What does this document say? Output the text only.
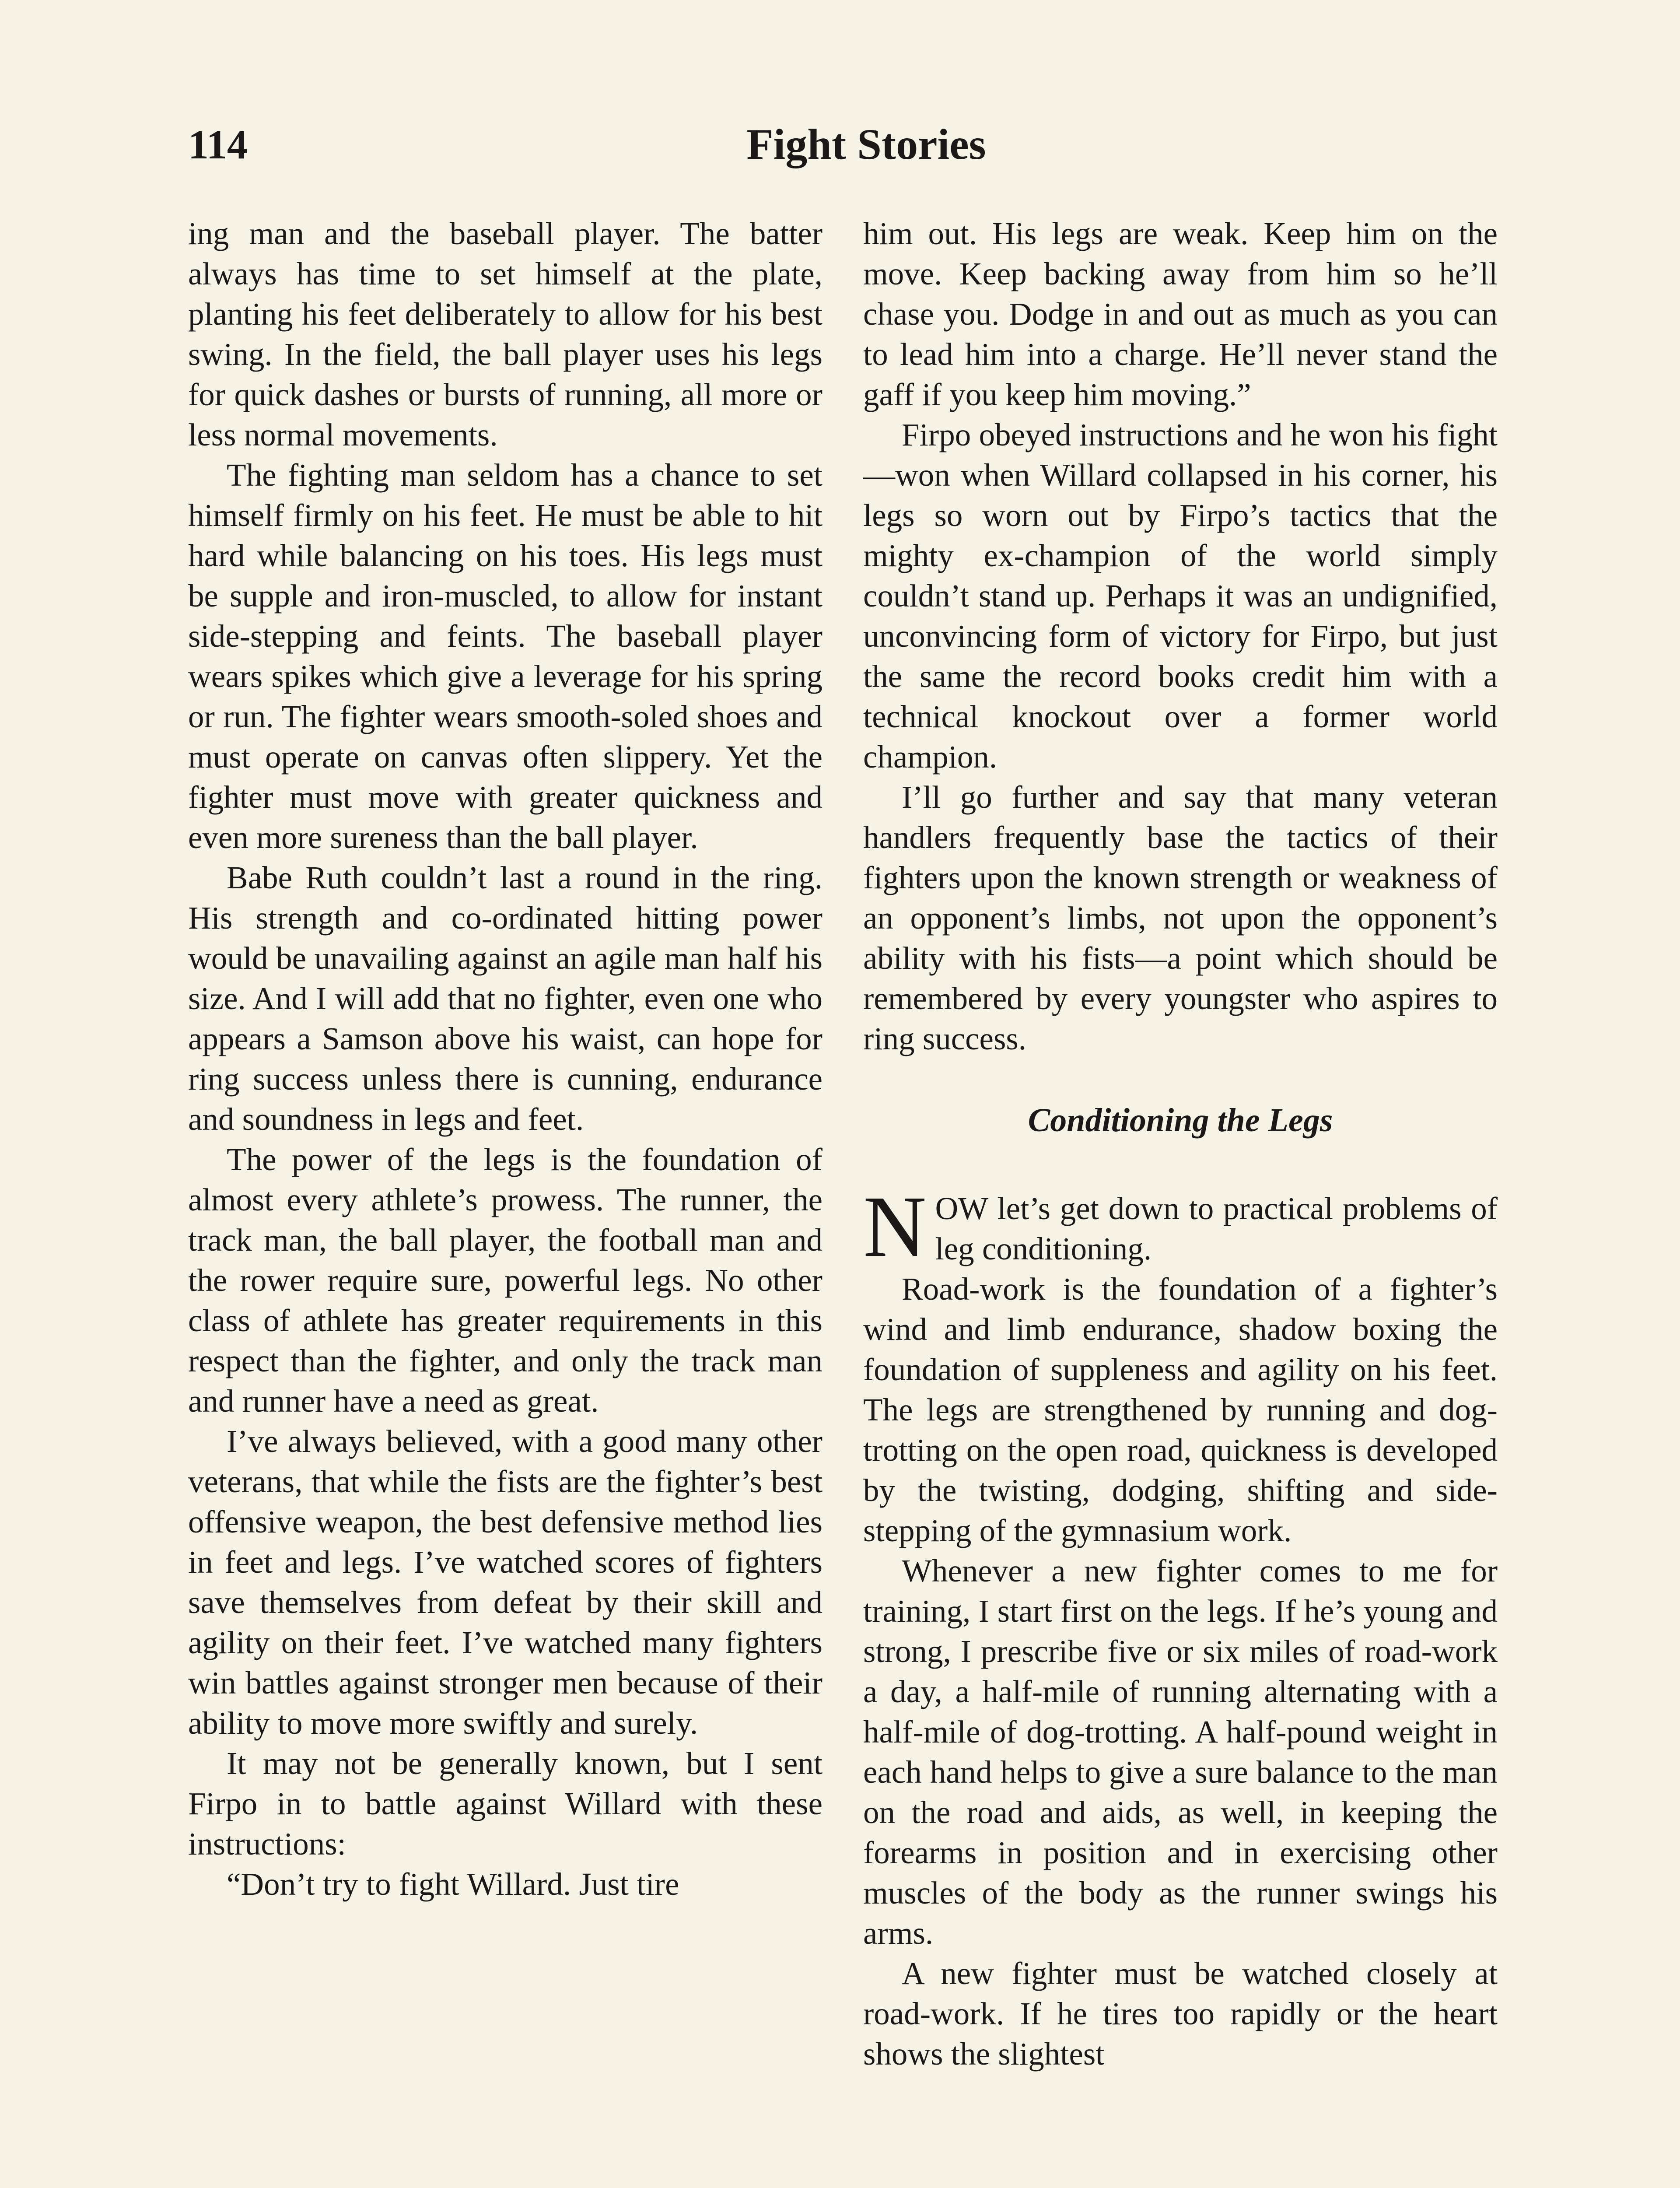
114	Fight Stories

ing man and the baseball player. The batter always has time to set himself at the plate, planting his feet deliberately to allow for his best swing. In the field, the ball player uses his legs for quick dashes or bursts of running, all more or less normal movements.

The fighting man seldom has a chance to set himself firmly on his feet. He must be able to hit hard while balancing on his toes. His legs must be supple and iron-muscled, to allow for instant side-stepping and feints. The baseball player wears spikes which give a leverage for his spring or run. The fighter wears smooth-soled shoes and must operate on canvas often slippery. Yet the fighter must move with greater quickness and even more sureness than the ball player.

Babe Ruth couldn’t last a round in the ring. His strength and co-ordinated hitting power would be unavailing against an agile man half his size. And I will add that no fighter, even one who appears a Samson above his waist, can hope for ring success unless there is cunning, endurance and soundness in legs and feet.

The power of the legs is the foundation of almost every athlete’s prowess. The runner, the track man, the ball player, the football man and the rower require sure, powerful legs. No other class of athlete has greater requirements in this respect than the fighter, and only the track man and runner have a need as great.

I’ve always believed, with a good many other veterans, that while the fists are the fighter’s best offensive weapon, the best defensive method lies in feet and legs. I’ve watched scores of fighters save themselves from defeat by their skill and agility on their feet. I’ve watched many fighters win battles against stronger men because of their ability to move more swiftly and surely.

It may not be generally known, but I sent Firpo in to battle against Willard with these instructions:

“Don’t try to fight Willard. Just tire

him out. His legs are weak. Keep him on the move. Keep backing away from him so he’ll chase you. Dodge in and out as much as you can to lead him into a charge. He’ll never stand the gaff if you keep him moving.”

Firpo obeyed instructions and he won his fight—won when Willard collapsed in his corner, his legs so worn out by Firpo’s tactics that the mighty ex-champion of the world simply couldn’t stand up. Perhaps it was an undignified, unconvincing form of victory for Firpo, but just the same the record books credit him with a technical knockout over a former world champion.

I’ll go further and say that many veteran handlers frequently base the tactics of their fighters upon the known strength or weakness of an opponent’s limbs, not upon the opponent’s ability with his fists—a point which should be remembered by every youngster who aspires to ring success.

Conditioning the Legs

NOW let’s get down to practical problems of leg conditioning.

Road-work is the foundation of a fighter’s wind and limb endurance, shadow boxing the foundation of suppleness and agility on his feet. The legs are strengthened by running and dog-trotting on the open road, quickness is developed by the twisting, dodging, shifting and side-stepping of the gymnasium work.

Whenever a new fighter comes to me for training, I start first on the legs. If he’s young and strong, I prescribe five or six miles of road-work a day, a half-mile of running alternating with a half-mile of dog-trotting. A half-pound weight in each hand helps to give a sure balance to the man on the road and aids, as well, in keeping the forearms in position and in exercising other muscles of the body as the runner swings his arms.

A new fighter must be watched closely at road-work. If he tires too rapidly or the heart shows the slightest
